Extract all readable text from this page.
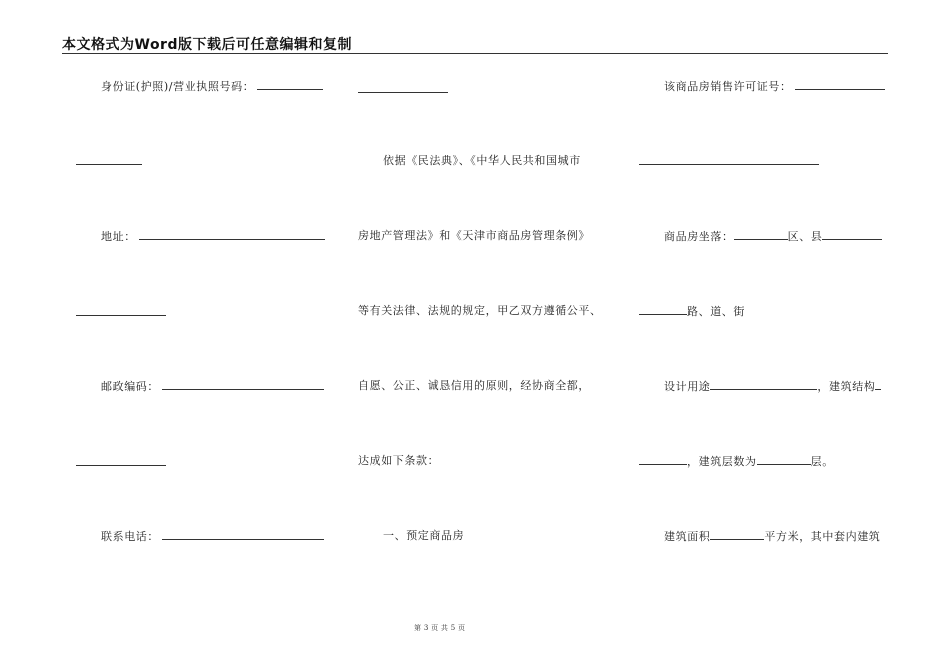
本文格式为Word版下载后可任意编辑和复制
身份证(护照)/营业执照号码：
地址：
邮政编码：
联系电话：
依据《民法典》、《中华人民共和国城市
房地产管理法》和《天津市商品房管理条例》
等有关法律、法规的规定，甲乙双方遵循公平、
自愿、公正、诚恳信用的原则，经协商全都，
达成如下条款：
一、预定商品房
该商品房销售许可证号：
商品房坐落：	区、县
路、道、街
设计用途	，建筑结构
，建筑层数为	层。
建筑面积	平方米，其中套内建筑
第 3 页 共 5 页
